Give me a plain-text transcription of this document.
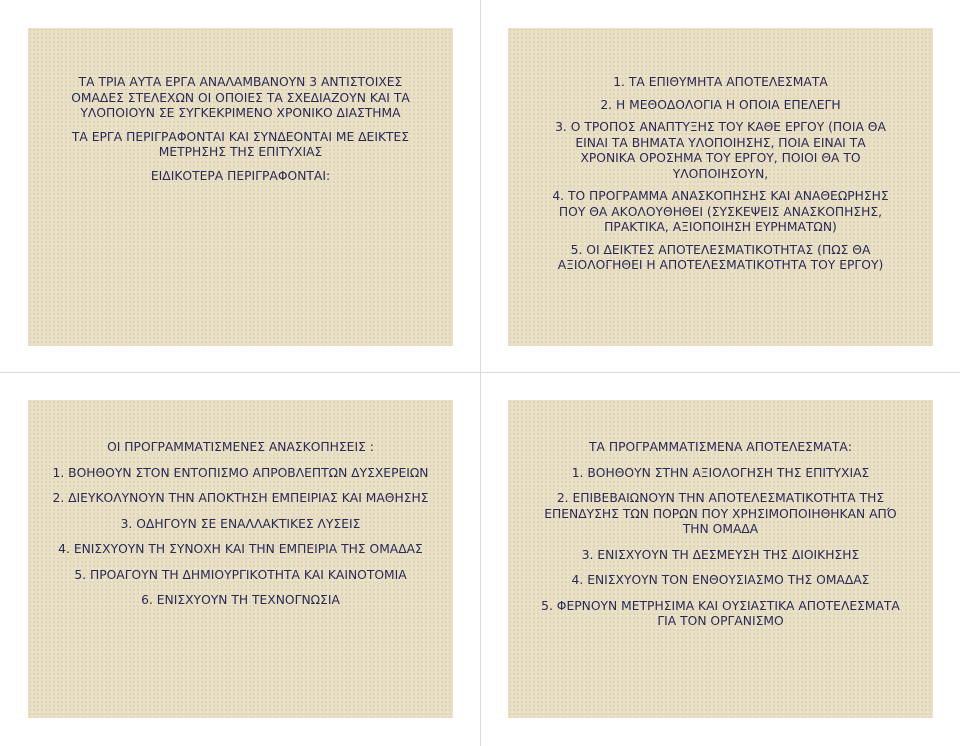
ΤΑ ΤΡΙΑ ΑΥΤΑ ΕΡΓΑ ΑΝΑΛΑΜΒΑΝΟΥΝ 3 ΑΝΤΙΣΤΟΙΧΕΣ ΟΜΑΔΕΣ ΣΤΕΛΕΧΩΝ ΟΙ ΟΠΟΙΕΣ ΤΑ ΣΧΕΔΙΑΖΟΥΝ ΚΑΙ ΤΑ ΥΛΟΠΟΙΟΥΝ ΣΕ ΣΥΓΚΕΚΡΙΜΕΝΟ ΧΡΟΝΙΚΟ ΔΙΑΣΤΗΜΑ

ΤΑ ΕΡΓΑ ΠΕΡΙΓΡΑΦΟΝΤΑΙ ΚΑΙ ΣΥΝΔΕΟΝΤΑΙ ΜΕ ΔΕΙΚΤΕΣ ΜΕΤΡΗΣΗΣ ΤΗΣ ΕΠΙΤΥΧΙΑΣ

ΕΙΔΙΚΟΤΕΡΑ ΠΕΡΙΓΡΑΦΟΝΤΑΙ:

1. ΤΑ ΕΠΙΘΥΜΗΤΑ ΑΠΟΤΕΛΕΣΜΑΤΑ

2. Η ΜΕΘΟΔΟΛΟΓΙΑ Η ΟΠΟΙΑ ΕΠΕΛΕΓΗ

3. Ο ΤΡΟΠΟΣ ΑΝΑΠΤΥΞΗΣ ΤΟΥ ΚΑΘΕ ΕΡΓΟΥ (ΠΟΙΑ ΘΑ ΕΙΝΑΙ ΤΑ ΒΗΜΑΤΑ ΥΛΟΠΟΙΗΣΗΣ, ΠΟΙΑ ΕΙΝΑΙ ΤΑ ΧΡΟΝΙΚΑ ΟΡΟΣΗΜΑ ΤΟΥ ΕΡΓΟΥ, ΠΟΙΟΙ ΘΑ ΤΟ ΥΛΟΠΟΙΗΣΟΥΝ,

4. ΤΟ ΠΡΟΓΡΑΜΜΑ ΑΝΑΣΚΟΠΗΣΗΣ ΚΑΙ ΑΝΑΘΕΩΡΗΣΗΣ ΠΟΥ ΘΑ ΑΚΟΛΟΥΘΗΘΕΙ (ΣΥΣΚΕΨΕΙΣ ΑΝΑΣΚΟΠΗΣΗΣ, ΠΡΑΚΤΙΚΑ, ΑΞΙΟΠΟΙΗΣΗ ΕΥΡΗΜΑΤΩΝ)

5. ΟΙ ΔΕΙΚΤΕΣ ΑΠΟΤΕΛΕΣΜΑΤΙΚΟΤΗΤΑΣ (ΠΩΣ ΘΑ ΑΞΙΟΛΟΓΗΘΕΙ Η ΑΠΟΤΕΛΕΣΜΑΤΙΚΟΤΗΤΑ ΤΟΥ ΕΡΓΟΥ)

ΟΙ ΠΡΟΓΡΑΜΜΑΤΙΣΜΕΝΕΣ ΑΝΑΣΚΟΠΗΣΕΙΣ :

1. ΒΟΗΘΟΥΝ ΣΤΟΝ ΕΝΤΟΠΙΣΜΟ ΑΠΡΟΒΛΕΠΤΩΝ ΔΥΣΧΕΡΕΙΩΝ

2. ΔΙΕΥΚΟΛΥΝΟΥΝ ΤΗΝ ΑΠΟΚΤΗΣΗ ΕΜΠΕΙΡΙΑΣ ΚΑΙ ΜΑΘΗΣΗΣ

3. ΟΔΗΓΟΥΝ ΣΕ ΕΝΑΛΛΑΚΤΙΚΕΣ ΛΥΣΕΙΣ

4. ΕΝΙΣΧΥΟΥΝ ΤΗ ΣΥΝΟΧΗ ΚΑΙ ΤΗΝ ΕΜΠΕΙΡΙΑ ΤΗΣ ΟΜΑΔΑΣ

5. ΠΡΟΑΓΟΥΝ ΤΗ ΔΗΜΙΟΥΡΓΙΚΟΤΗΤΑ ΚΑΙ ΚΑΙΝΟΤΟΜΙΑ

6. ΕΝΙΣΧΥΟΥΝ ΤΗ ΤΕΧΝΟΓΝΩΣΙΑ

ΤΑ ΠΡΟΓΡΑΜΜΑΤΙΣΜΕΝΑ ΑΠΟΤΕΛΕΣΜΑΤΑ:

1. ΒΟΗΘΟΥΝ ΣΤΗΝ ΑΞΙΟΛΟΓΗΣΗ ΤΗΣ ΕΠΙΤΥΧΙΑΣ

2. ΕΠΙΒΕΒΑΙΩΝΟΥΝ ΤΗΝ ΑΠΟΤΕΛΕΣΜΑΤΙΚΟΤΗΤΑ ΤΗΣ ΕΠΕΝΔΥΣΗΣ ΤΩΝ ΠΟΡΩΝ ΠΟΥ ΧΡΗΣΙΜΟΠΟΙΗΘΗΚΑΝ ΑΠΌ ΤΗΝ ΟΜΑΔΑ

3. ΕΝΙΣΧΥΟΥΝ ΤΗ ΔΕΣΜΕΥΣΗ ΤΗΣ ΔΙΟΙΚΗΣΗΣ

4. ΕΝΙΣΧΥΟΥΝ ΤΟΝ ΕΝΘΟΥΣΙΑΣΜΟ ΤΗΣ ΟΜΑΔΑΣ

5. ΦΕΡΝΟΥΝ ΜΕΤΡΗΣΙΜΑ ΚΑΙ ΟΥΣΙΑΣΤΙΚΑ ΑΠΟΤΕΛΕΣΜΑΤΑ ΓΙΑ ΤΟΝ ΟΡΓΑΝΙΣΜΟ
